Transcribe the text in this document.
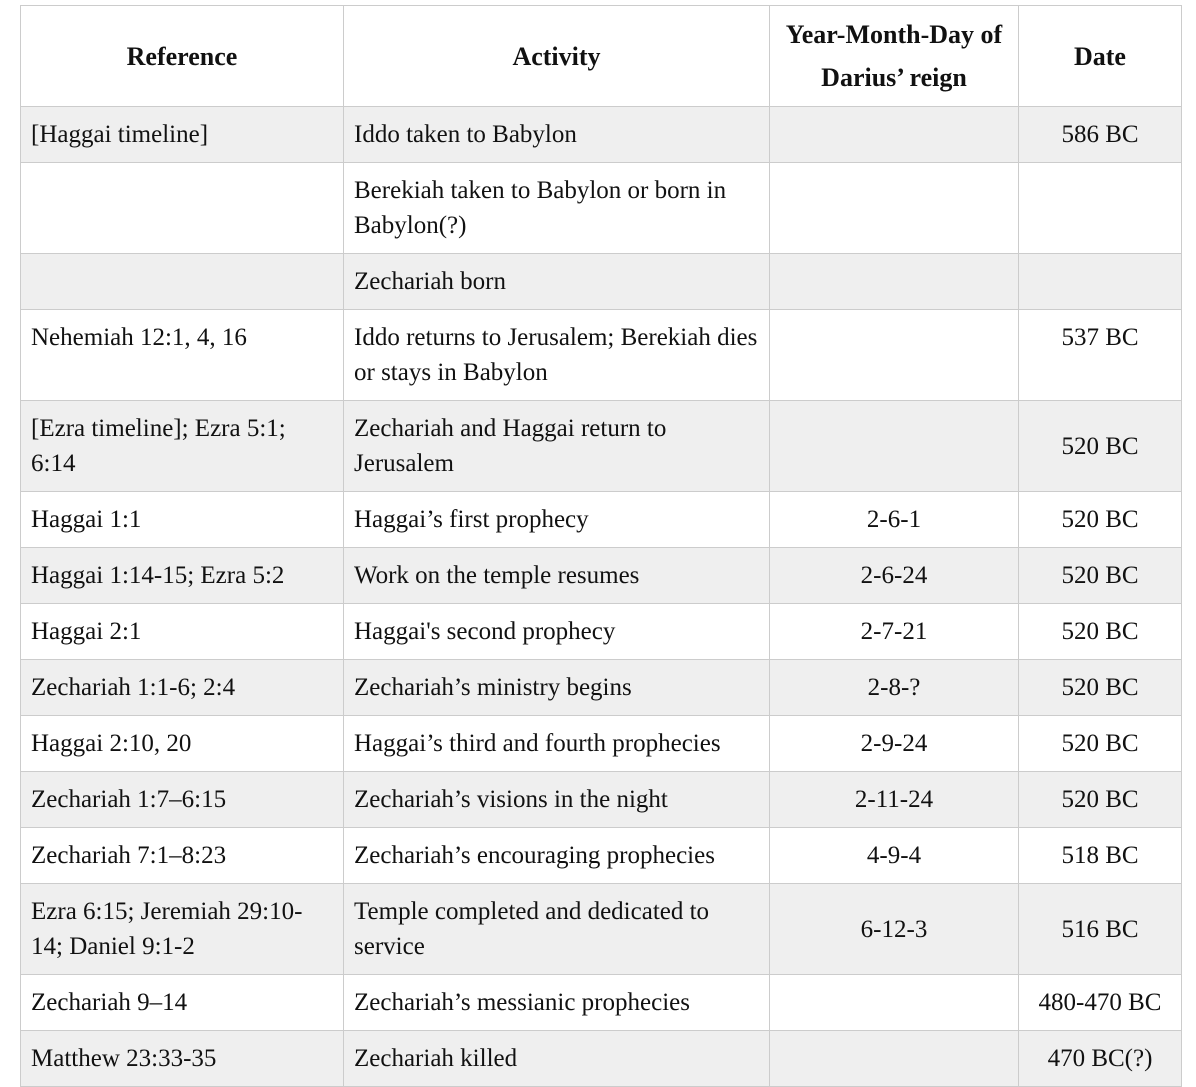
Reference	Activity	Year-Month-Day of Darius’ reign	Date
[Haggai timeline]	Iddo taken to Babylon		586 BC
	Berekiah taken to Babylon or born in Babylon(?)		
	Zechariah born		
Nehemiah 12:1, 4, 16	Iddo returns to Jerusalem; Berekiah dies or stays in Babylon		537 BC
[Ezra timeline]; Ezra 5:1; 6:14	Zechariah and Haggai return to Jerusalem		520 BC
Haggai 1:1	Haggai’s first prophecy	2-6-1	520 BC
Haggai 1:14-15; Ezra 5:2	Work on the temple resumes	2-6-24	520 BC
Haggai 2:1	Haggai's second prophecy	2-7-21	520 BC
Zechariah 1:1-6; 2:4	Zechariah’s ministry begins	2-8-?	520 BC
Haggai 2:10, 20	Haggai’s third and fourth prophecies	2-9-24	520 BC
Zechariah 1:7–6:15	Zechariah’s visions in the night	2-11-24	520 BC
Zechariah 7:1–8:23	Zechariah’s encouraging prophecies	4-9-4	518 BC
Ezra 6:15; Jeremiah 29:10-14; Daniel 9:1-2	Temple completed and dedicated to service	6-12-3	516 BC
Zechariah 9–14	Zechariah’s messianic prophecies		480-470 BC
Matthew 23:33-35	Zechariah killed		470 BC(?)
